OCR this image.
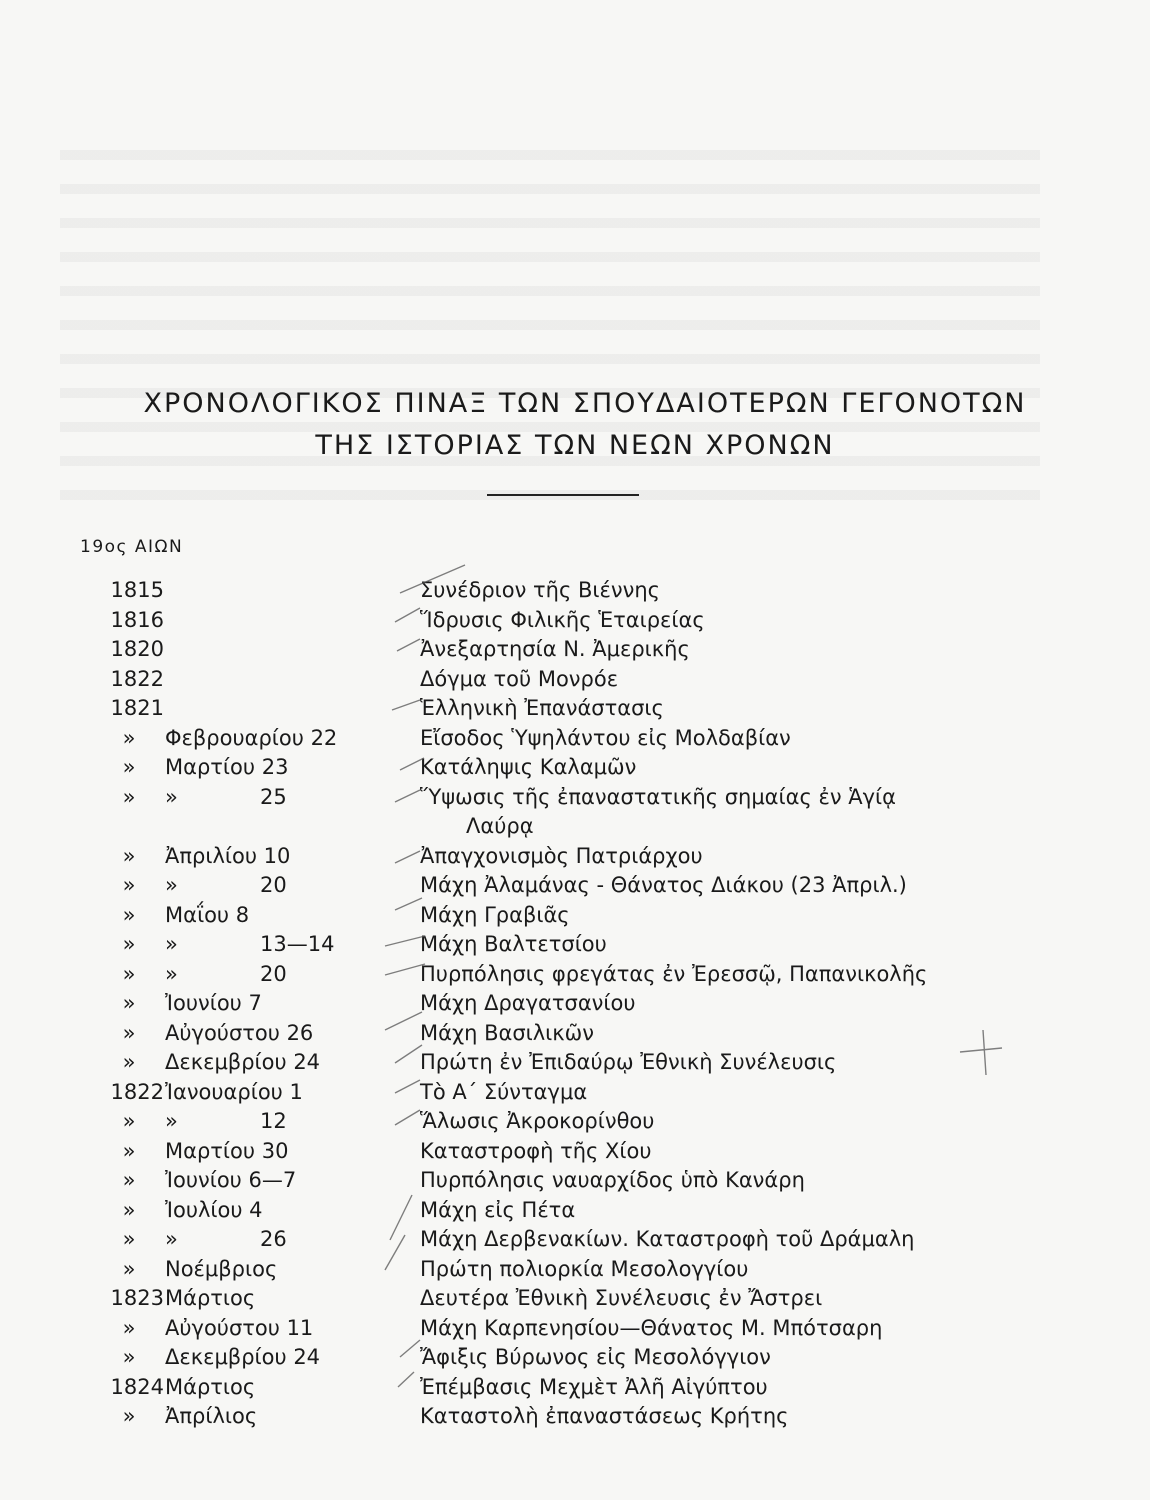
ΧΡΟΝΟΛΟΓΙΚΟΣ ΠΙΝΑΞ ΤΩΝ ΣΠΟΥΔΑΙΟΤΕΡΩΝ ΓΕΓΟΝΟΤΩΝ
ΤΗΣ ΙΣΤΟΡΙΑΣ ΤΩΝ ΝΕΩΝ ΧΡΟΝΩΝ
19ος ΑΙΩΝ
1815	Συνέδριον τῆς Βιέννης
1816	Ἵδρυσις Φιλικῆς Ἑταιρείας
1820	Ἀνεξαρτησία Ν. Ἀμερικῆς
1822	Δόγμα τοῦ Μονρόε
1821	Ἑλληνικὴ Ἐπανάστασις
» Φεβρουαρίου 22	Εἴσοδος Ὑψηλάντου εἰς Μολδαβίαν
» Μαρτίου 23	Κατάληψις Καλαμῶν
» »	25	Ὕψωσις τῆς ἐπαναστατικῆς σημαίας ἐν Ἁγίᾳ
Λαύρᾳ
» Ἀπριλίου 10	Ἀπαγχονισμὸς Πατριάρχου
» »	20	Μάχη Ἀλαμάνας - Θάνατος Διάκου (23 Ἀπριλ.)
» Μαΐου 8	Μάχη Γραβιᾶς
» »	13—14	Μάχη Βαλτετσίου
» »	20	Πυρπόλησις φρεγάτας ἐν Ἐρεσσῷ, Παπανικολῆς
» Ἰουνίου 7	Μάχη Δραγατσανίου
» Αὐγούστου 26	Μάχη Βασιλικῶν
» Δεκεμβρίου 24	Πρώτη ἐν Ἐπιδαύρῳ Ἐθνικὴ Συνέλευσις
1822 Ἰανουαρίου 1	Τὸ Α΄ Σύνταγμα
» »	12	Ἅλωσις Ἀκροκορίνθου
» Μαρτίου 30	Καταστροφὴ τῆς Χίου
» Ἰουνίου 6—7	Πυρπόλησις ναυαρχίδος ὑπὸ Κανάρη
» Ἰουλίου 4	Μάχη εἰς Πέτα
» »	26	Μάχη Δερβενακίων. Καταστροφὴ τοῦ Δράμαλη
» Νοέμβριος	Πρώτη πολιορκία Μεσολογγίου
1823 Μάρτιος	Δευτέρα Ἐθνικὴ Συνέλευσις ἐν Ἄστρει
» Αὐγούστου 11	Μάχη Καρπενησίου—Θάνατος Μ. Μπότσαρη
» Δεκεμβρίου 24	Ἄφιξις Βύρωνος εἰς Μεσολόγγιον
1824 Μάρτιος	Ἐπέμβασις Μεχμὲτ Ἀλῆ Αἰγύπτου
» Ἀπρίλιος	Καταστολὴ ἐπαναστάσεως Κρήτης
